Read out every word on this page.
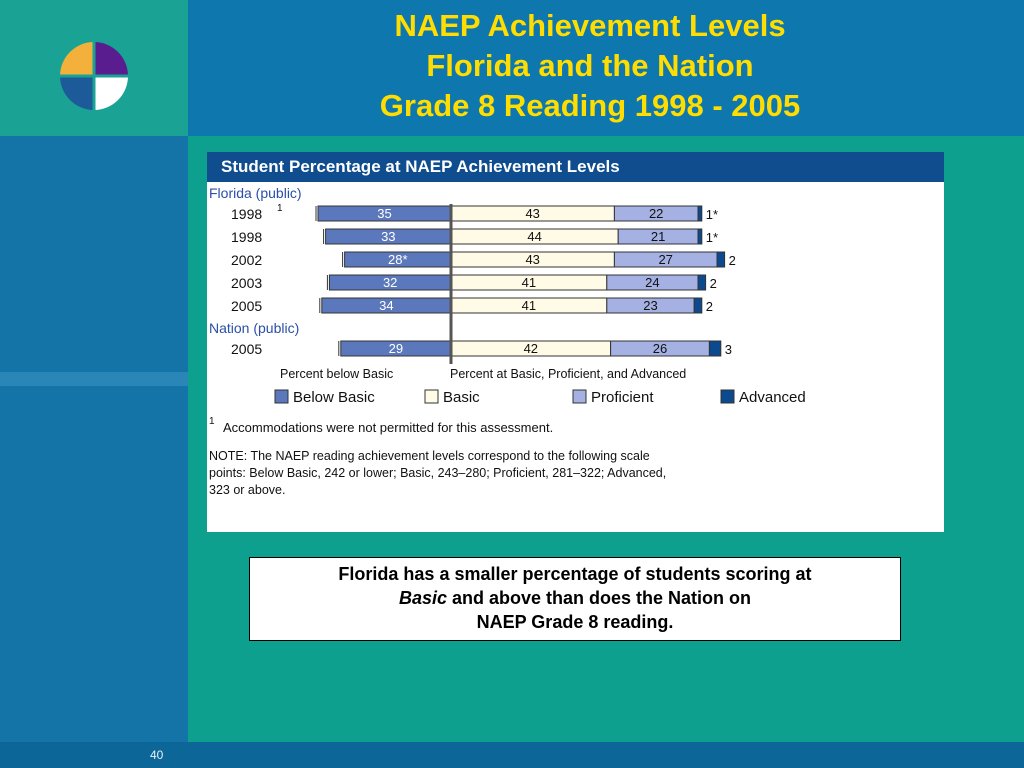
NAEP Achievement Levels
Florida and the Nation
Grade 8 Reading 1998 - 2005
Student Percentage at NAEP Achievement Levels
Florida (public)
1998 1	35	43	22	1*
1998	33	44	21	1*
2002	28*	43	27	2
2003	32	41	24	2
2005	34	41	23	2
Nation (public)
2005	29	42	26	3
Percent below Basic	Percent at Basic, Proficient, and Advanced
Below Basic	Basic	Proficient	Advanced
1 Accommodations were not permitted for this assessment.
NOTE: The NAEP reading achievement levels correspond to the following scale
points: Below Basic, 242 or lower; Basic, 243–280; Proficient, 281–322; Advanced,
323 or above.
Florida has a smaller percentage of students scoring at
Basic and above than does the Nation on
NAEP Grade 8 reading.
40
